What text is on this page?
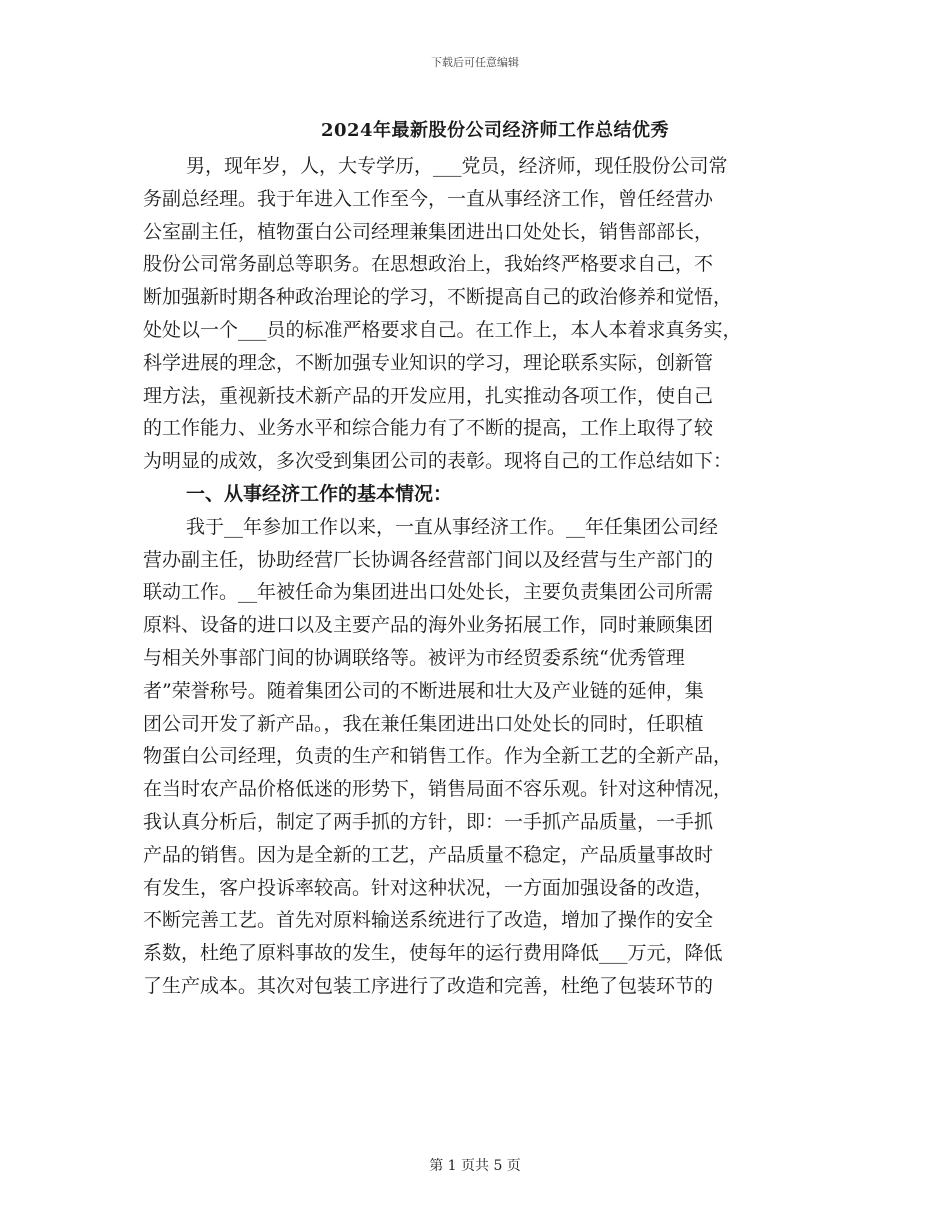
下载后可任意编辑
2024年最新股份公司经济师工作总结优秀
男，现年岁，人，大专学历，___党员，经济师，现任股份公司常
务副总经理。我于年进入工作至今，一直从事经济工作，曾任经营办
公室副主任，植物蛋白公司经理兼集团进出口处处长，销售部部长，
股份公司常务副总等职务。在思想政治上，我始终严格要求自己，不
断加强新时期各种政治理论的学习，不断提高自己的政治修养和觉悟，
处处以一个___员的标准严格要求自己。在工作上，本人本着求真务实，
科学进展的理念，不断加强专业知识的学习，理论联系实际，创新管
理方法，重视新技术新产品的开发应用，扎实推动各项工作，使自己
的工作能力、业务水平和综合能力有了不断的提高，工作上取得了较
为明显的成效，多次受到集团公司的表彰。现将自己的工作总结如下：
一、从事经济工作的基本情况：
我于__年参加工作以来，一直从事经济工作。__年任集团公司经
营办副主任，协助经营厂长协调各经营部门间以及经营与生产部门的
联动工作。__年被任命为集团进出口处处长，主要负责集团公司所需
原料、设备的进口以及主要产品的海外业务拓展工作，同时兼顾集团
与相关外事部门间的协调联络等。被评为市经贸委系统“优秀管理
者”荣誉称号。随着集团公司的不断进展和壮大及产业链的延伸，集
团公司开发了新产品。，我在兼任集团进出口处处长的同时，任职植
物蛋白公司经理，负责的生产和销售工作。作为全新工艺的全新产品，
在当时农产品价格低迷的形势下，销售局面不容乐观。针对这种情况，
我认真分析后，制定了两手抓的方针，即：一手抓产品质量，一手抓
产品的销售。因为是全新的工艺，产品质量不稳定，产品质量事故时
有发生，客户投诉率较高。针对这种状况，一方面加强设备的改造，
不断完善工艺。首先对原料输送系统进行了改造，增加了操作的安全
系数，杜绝了原料事故的发生，使每年的运行费用降低___万元，降低
了生产成本。其次对包装工序进行了改造和完善，杜绝了包装环节的
第 1 页共 5 页
